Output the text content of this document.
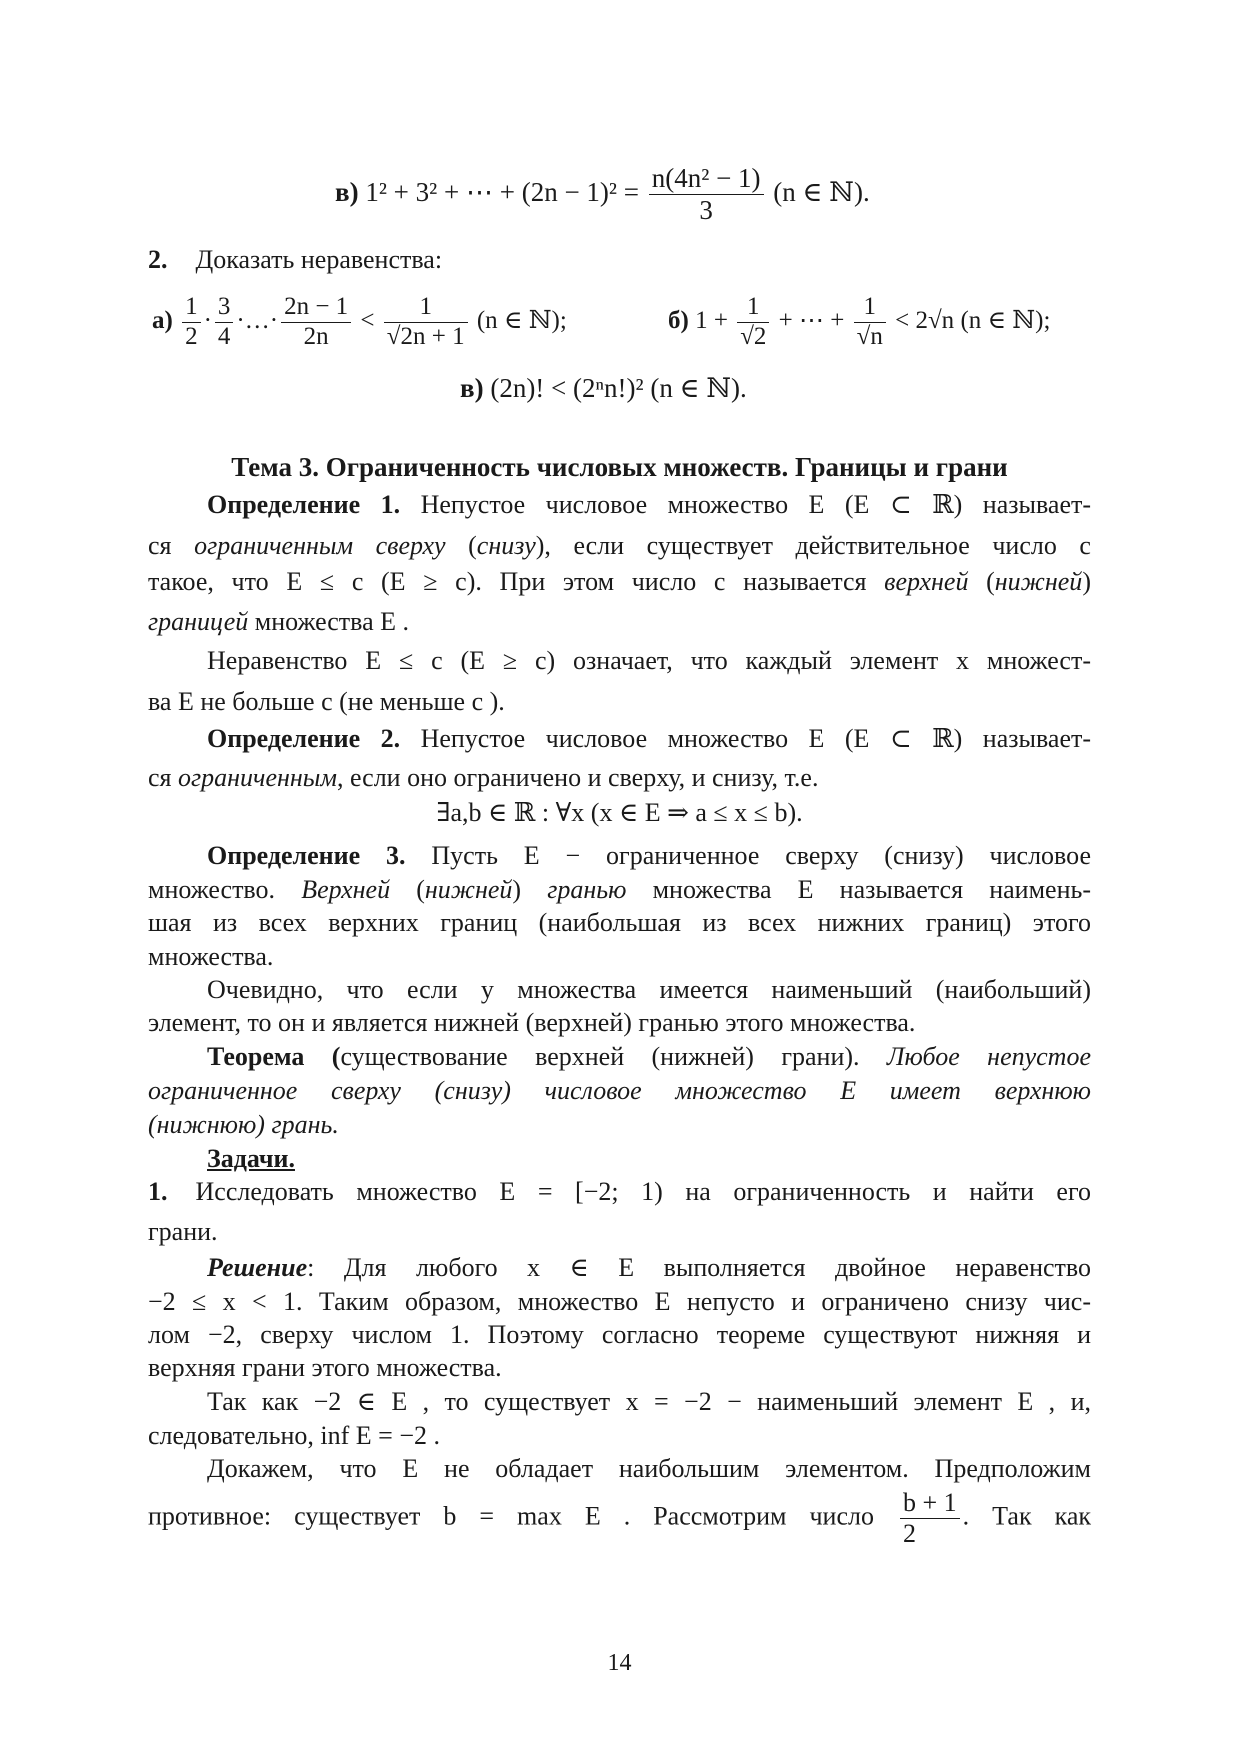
в) 1² + 3² + ⋯ + $(2n - 1)^2 = \frac{\text{n(4n² − 1)}}{3} (n$ ∈ ℕ).
2. Доказать неравенства:
$а) \frac{1}{2} \cdot \frac{3}{4}$ ·…· $\frac{2n - 1}{2n} < \frac{1}{√2n + 1} (n$ ∈ ℕ);	б) $1 + \frac{1}{√2}$ + ⋯ + $\frac{1}{√n} < 2√n$ (n ∈ ℕ);
в) (2n)! < (2ⁿn!)² (n ∈ ℕ).
Тема 3. Ограниченность числовых множеств. Границы и грани
Определение 1. Непустое числовое множество E (E ⊂ ℝ) называет-
ся ограниченным сверху (снизу), если существует действительное число c
такое, что E ≤ c (E ≥ c). При этом число c называется верхней (нижней)
границей множества E .
Неравенство E ≤ c (E ≥ c) означает, что каждый элемент x множест-
ва E не больше c (не меньше c ).
Определение 2. Непустое числовое множество E (E ⊂ ℝ) называет-
ся ограниченным, если оно ограничено и сверху, и снизу, т.е.
∃a,b ∈ ℝ : ∀x (x ∈ E ⇒ a ≤ x ≤ b).
Определение 3. Пусть E − ограниченное сверху (снизу) числовое
множество. Верхней (нижней) гранью множества E называется наимень-
шая из всех верхних границ (наибольшая из всех нижних границ) этого
множества.
Очевидно, что если у множества имеется наименьший (наибольший)
элемент, то он и является нижней (верхней) гранью этого множества.
Теорема (существование верхней (нижней) грани). Любое непустое
ограниченное сверху (снизу) числовое множество E имеет верхнюю
(нижнюю) грань.
Задачи.
1. Исследовать множество E = [−2; 1) на ограниченность и найти его
грани.
Решение: Для любого x ∈ E выполняется двойное неравенство
−2 ≤ x < 1. Таким образом, множество E непусто и ограничено снизу чис-
лом −2, сверху числом 1. Поэтому согласно теореме существуют нижняя и
верхняя грани этого множества.
Так как −2 ∈ E , то существует x = −2 − наименьший элемент E , и,
следовательно, inf E = −2 .
Докажем, что E не обладает наибольшим элементом. Предположим
противное: существует b = max E . Рассмотрим число $\frac{b + 1}{2}$ . Так как
14
